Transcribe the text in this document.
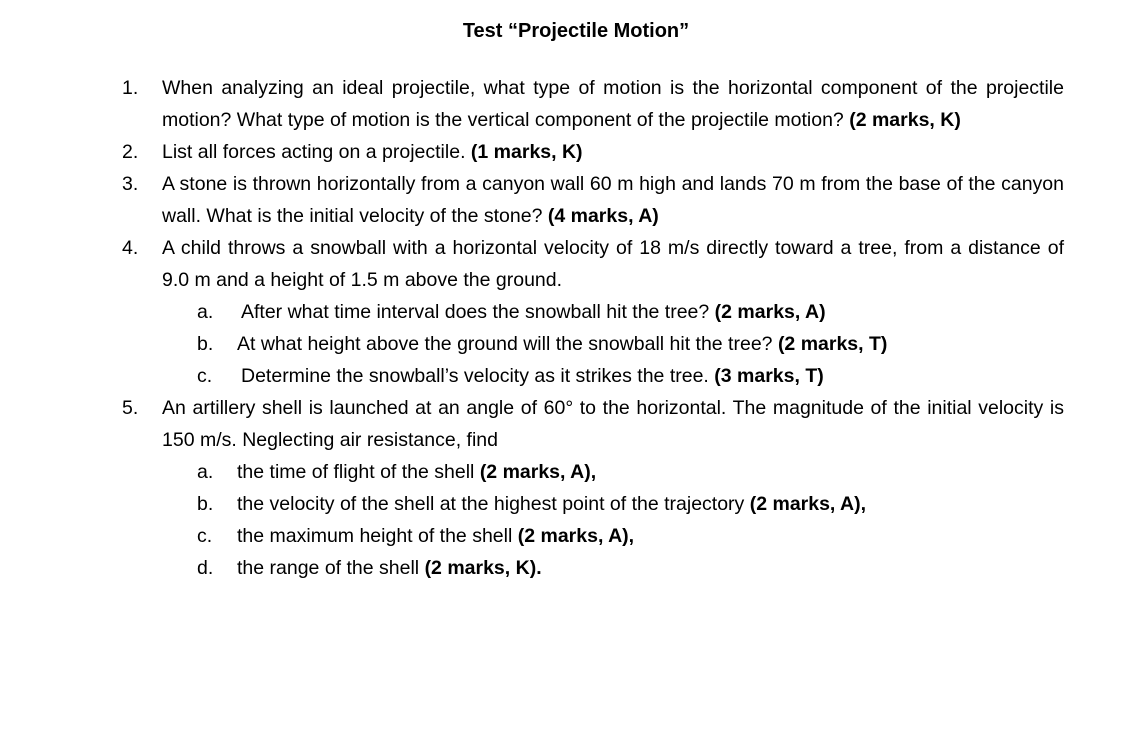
Test “Projectile Motion”
1. When analyzing an ideal projectile, what type of motion is the horizontal component of the projectile motion? What type of motion is the vertical component of the projectile motion? (2 marks, K)
2. List all forces acting on a projectile. (1 marks, K)
3. A stone is thrown horizontally from a canyon wall 60 m high and lands 70 m from the base of the canyon wall. What is the initial velocity of the stone? (4 marks, A)
4. A child throws a snowball with a horizontal velocity of 18 m/s directly toward a tree, from a distance of 9.0 m and a height of 1.5 m above the ground.
a.	After what time interval does the snowball hit the tree? (2 marks, A)
b.	At what height above the ground will the snowball hit the tree? (2 marks, T)
c.	Determine the snowball’s velocity as it strikes the tree. (3 marks, T)
5. An artillery shell is launched at an angle of 60° to the horizontal. The magnitude of the initial velocity is 150 m/s. Neglecting air resistance, find
a.	the time of flight of the shell (2 marks, A),
b.	the velocity of the shell at the highest point of the trajectory (2 marks, A),
c.	the maximum height of the shell (2 marks, A),
d.	the range of the shell (2 marks, K).
